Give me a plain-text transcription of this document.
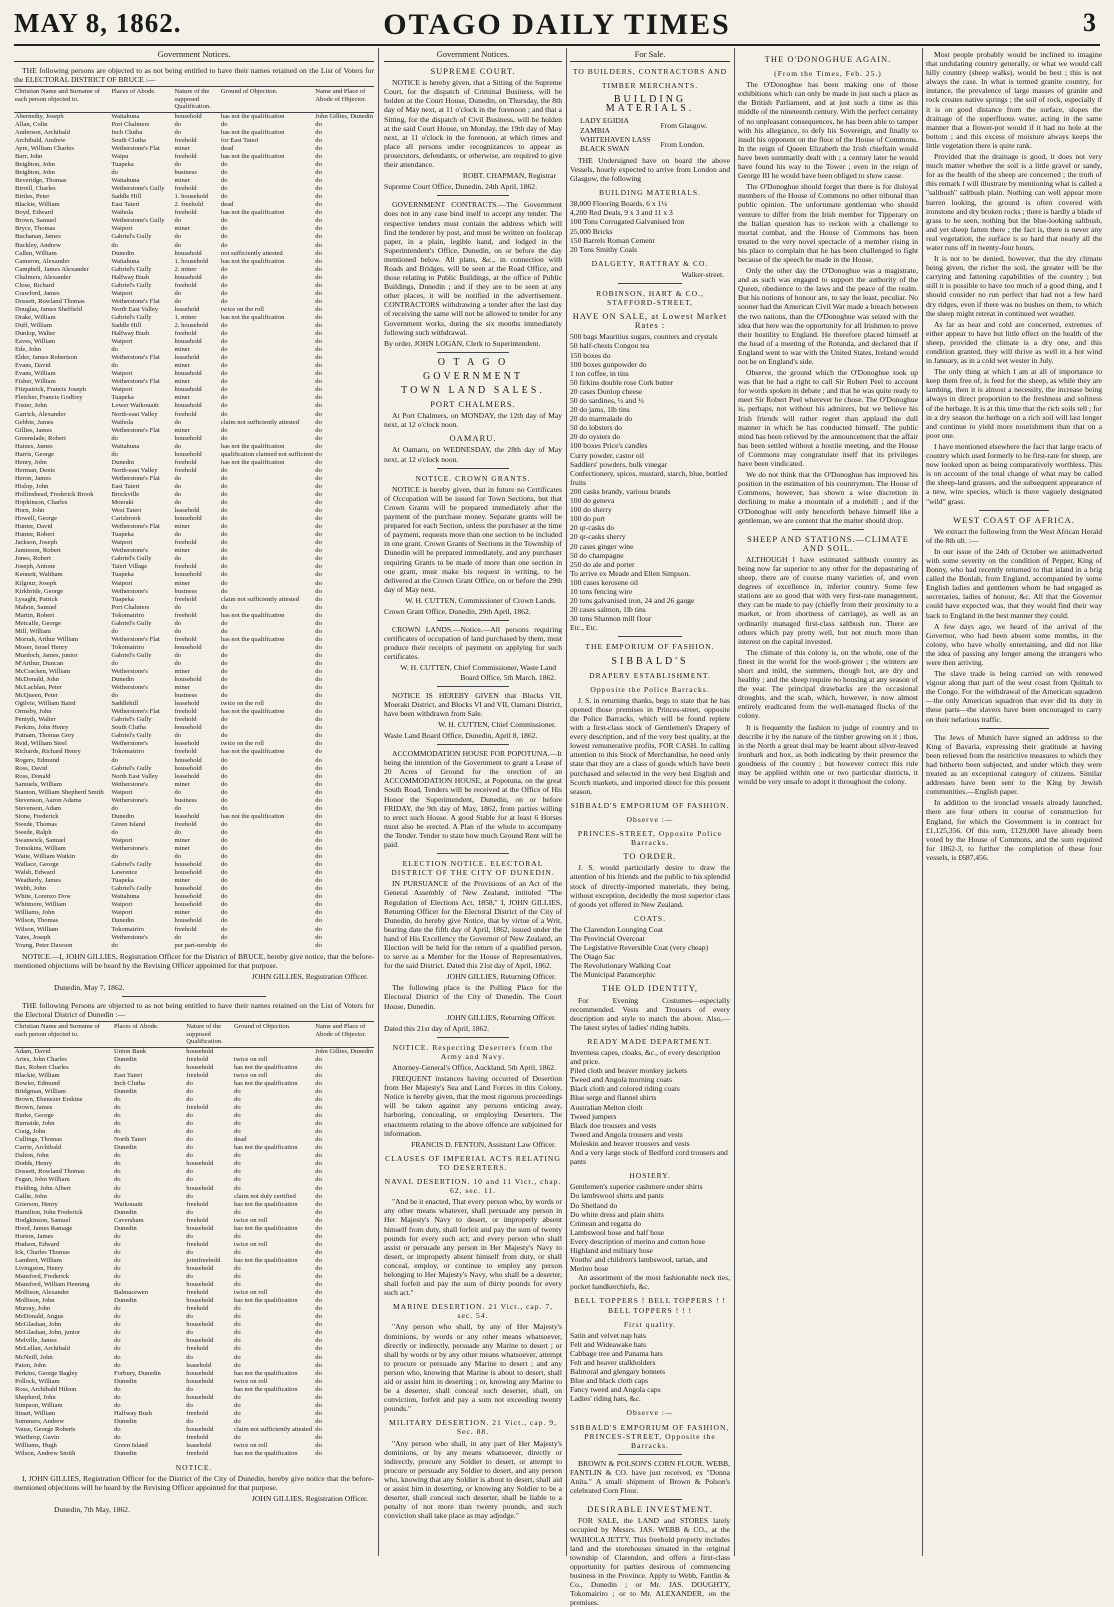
MAY 8, 1862.	OTAGO DAILY TIMES	3
Government Notices.

THE following persons are objected to as not being entitled to have their names retained on the List of Voters for the ELECTORAL DISTRICT OF BRUCE :—

Christian Name and Surname of each person objected to.	Places of Abode.	Nature of the supposed Qualification.	Ground of Objection.	Name and Place of Abode of Objector.
Abernethy, Joseph	Waitahuna	household	has not the qualification	John Gillies, Dunedin
Allan, Colin	Port Chalmers	do	do	do
Anderson, Archibald	Inch Clutha	do	has not the qualification	do
Archibald, Andrew	South Clutha	freehold	for East Taieri	do
Ayre, William Charles	Wetherstone's Flat	miner	dead	do
Barr, John	Waipu	freehold	has not the qualification	do
Beighton, John	Tuapeka	do	do	do
Beighton, John	do	business	do	do
Beveridge, Thomas	Waitahuna	miner	do	do
Birrell, Charles	Wetherstone's Gully	freehold	do	do
Birtles, Peter	Saddle Hill	1. household	do	do
Blackie, William	East Taieri	2. freehold	dead	do
Boyd, Edward	Waihola	freehold	has not the qualification	do
Brown, Samuel	Wetherstone's Gully	do	do	do
Bryce, Thomas	Waipori	miner	do	do
Buchanan, James	Gabriel's Gully	do	do	do
Buckley, Andrew	do	do	do	do
Callen, William	Dunedin	household	not sufficiently attested	do
Cameron, Alexander	Waitahuna	1. household	has not the qualification	do
Campbell, James Alexander	Gabriel's Gully	2. miner	do	do
Chalmers, Alexander	Halfway Bush	household	do	do
Close, Richard	Gabriel's Gully	freehold	do	do
Crawford, James	Waipori	do	do	do
Dossett, Rowland Thomas	Wetherstone's Flat	do	do	do
Douglas, James Sheffield	North East Valley	leasehold	twice on the roll	do
Drake, William	Gabriel's Gully	1. miner	has not the qualification	do
Duff, William	Saddle Hill	2. household	do	do
Dunlop, Walter	Halfway Bush	freehold	do	do
Eaves, William	Waipori	household	do	do
Ede, John	do	miner	do	do
Elder, James Robertson	Wetherstone's Flat	leasehold	do	do
Evans, David	do	miner	do	do
Evans, William	Waipori	household	do	do
Fisher, William	Wetherstone's Flat	miner	do	do
Fitzpatrick, Francis Joseph	Waipori	household	do	do
Fletcher, Francis Godfrey	Tuapeka	miner	do	do
Foster, John	Lower Waikouaiti	household	do	do
Garrick, Alexander	North-east Valley	freehold	do	do
Gebbie, James	Waihola	do	claim not sufficiently attested	do
Gillies, James	Wetherstone's Flat	miner	do	do
Greenslade, Robert	do	household	do	do
Haines, James	Waitahuna	do	has not the qualification	do
Harris, George	do	household	qualification claimed not sufficient	do
Henry, John	Dunedin	freehold	has not the qualification	do
Herman, Denis	North-east Valley	freehold	do	do
Heron, James	Wetherstone's Flat	do	do	do
Hislop, John	East Taieri	do	do	do
Hollinshead, Frederick Brook	Brockville	do	do	do
Hopkinson, Charles	Moeraki	do	do	do
Horn, John	West Taieri	leasehold	do	do
Howell, George	Carisbrook	household	do	do
Hunter, David	Wetherstone's Flat	miner	do	do
Hunter, Robert	Tuapeka	do	do	do
Jackson, Joseph	Waipori	freehold	do	do
Jamieson, Robert	Wetherstone's	miner	do	do
Jones, Robert	Gabriel's Gully	do	do	do
Joseph, Antone	Taieri Village	freehold	do	do
Kennett, Waltham	Tuapeka	household	do	do
Kilgour, Joseph	Waipori	miner	do	do
Kirkbride, George	Wetherstone's	business	do	do
Lysaght, Patrick	Tuapeka	freehold	claim not sufficiently attested	do
Mahon, Samuel	Port Chalmers	do	do	do
Martin, Robert	Tokomairiro	freehold	has not the qualification	do
Metcalfe, George	Gabriel's Gully	do	do	do
Mill, William	do	do	do	do
Morrah, Arthur William	Wetherstone's Flat	freehold	has not the qualification	do
Moser, Israel Henry	Tokomairiro	household	do	do
Murdoch, James, junior	Gabriel's Gully	do	do	do
M'Arthur, Duncan	do	do	do	do
McCracken, William	Wetherstone's	miner	do	do
McDonald, John	Dunedin	household	do	do
McLachlan, Peter	Wetherstone's	miner	do	do
McQueen, Peter	do	business	do	do
Ogilvie, William Baird	Saddlehill	leasehold	twice on the roll	do
Ormsby, John	Wetherstone's Flat	freehold	has not the qualification	do
Pentyth, Walter	Gabriel's Gully	freehold	do	do
Perkins, John Henry	South Clutha	household	do	do
Putnam, Thomas Grey	Gabriel's Gully	do	do	do
Reid, William Steel	Wetherstone's	leasehold	twice on the roll	do
Richards, Richard Henry	Tokomairiro	freehold	has not the qualification	do
Rogers, Edmund	do	household	do	do
Ross, David	Gabriel's Gully	household	do	do
Ross, Donald	North East Valley	leasehold	do	do
Samuels, William	Wetherstone's	miner	do	do
Stanton, William Shepherd Smith	Waipori	do	do	do
Stevenson, Aaron Adams	Wetherstone's	business	do	do
Stevenson, Adam	do	do	do	do
Stone, Frederick	Dunedin	leasehold	has not the qualification	do
Swede, Thomas	Green Island	freehold	do	do
Swede, Ralph	do	do	do	do
Swanwick, Samuel	Waipori	miner	do	do
Tomokins, William	Wetherstone's	miner	do	do
Waite, William Watkin	do	do	do	do
Wallace, George	Gabriel's Gully	household	do	do
Walsh, Edward	Lawrence	household	do	do
Weatherly, James	Tuapeka	miner	do	do
Webb, John	Gabriel's Gully	household	do	do
White, Lorenzo Dow	Waitahuna	household	do	do
Whitmore, William	Waipori	household	do	do
Williams, John	Waipori	miner	do	do
Wilson, Thomas	Dunedin	household	do	do
Wilson, William	Tokomairiro	freehold	do	do
Yates, Joseph	Wetherstone's	do	do	do
Young, Peter Dawson	do	per part-nership	do	do

NOTICE.—I, JOHN GILLIES, Registration Officer for the District of BRUCE, hereby give notice, that the before-mentioned objections will be heard by the Revising Officer appointed for that purpose.

JOHN GILLIES, Registration Officer.
Dunedin, May 7, 1862.

THE following Persons are objected to as not being entitled to have their names retained on the List of Voters for the Electoral District of Dunedin :—

Christian Name and Surname of each person objected to.	Places of Abode.	Nature of the supposed Qualification.	Ground of Objection.	Name and Place of Abode of Objector.
Adam, David	Union Bank	household		John Gillies, Dunedin
Aries, John Charles	Dunedin	freehold	twice on roll	do
Bax, Robert Charles	do	household	has not the qualification	do
Blackie, William	East Taieri	freehold	twice on roll	do
Bowler, Edmund	Inch Clutha	do	has not the qualification	do
Bridgman, William	Dunedin	do	do	do
Brown, Ebenezer Erskine	do	do	do	do
Brown, James	do	freehold	do	do
Burke, George	do	do	do	do
Burnside, John	do	do	do	do
Craig, John	do	do	do	do
Cullings, Thomas	North Taieri	do	dead	do
Currie, Archibald	Dunedin	do	has not the qualification	do
Dalton, John	do	do	do	do
Dodds, Henry	do	household	do	do
Dossett, Rowland Thomas	do	do	do	do
Fegan, John William	do	do	do	do
Fielding, John Albert	do	household	do	do
Gallie, John	do	do	claim not duly certified	do
Grierson, Henry	Waikouaiti	freehold	has not the qualification	do
Hamilton, John Frederick	Dunedin	do	do	do
Hodgkinson, Samuel	Caversham	freehold	twice on roll	do
Hood, James Ramage	Dunedin	household	has not the qualification	do
Horton, James	do	do	do	do
Hudson, Edward	do	freehold	twice on roll	do
Ick, Charles Thomas	do	do	do	do
Lambert, William	do	jointfreehold	has not the qualification	do
Livingston, Henry	do	household	do	do
Mansford, Frederick	do	do	do	do
Mansford, William Henning	do	household	do	do
Mollison, Alexander	Balmacewen	freehold	twice on roll	do
Mollison, John	Dunedin	household	has not the qualification	do
Murray, John	do	freehold	do	do
McDonald, Angus	do	do	do	do
McGlashan, John	do	household	do	do
McGlashan, John, junior	do	do	do	do
Melville, James	do	household	do	do
McLellan, Archibald	do	freehold	do	do
McNeill, John	do	do	do	do
Paton, John	do	leasehold	do	do
Perkins, George Bagley	Forbury, Dunedin	household	has not the qualification	do
Pollock, William	Dunedin	household	twice on roll	do
Ross, Archibald Hilson	do	do	has not the qualification	do
Shepherd, John	do	household	do	do
Simpson, William	do	do	do	do
Stuart, William	Halfway Bush	freehold	do	do
Summers, Andrew	Dunedin	do	do	do
Vause, George Roberts	do	household	claim not sufficiently attested	do
Warthrop, Gavin	do	freehold	do	do
Williams, Hugh	Green Island	leasehold	twice on roll	do
Wilson, Andrew Smith	Dunedin	freehold	has not the qualification	do
NOTICE.

I, JOHN GILLIES, Registration Officer for the District of the City of Dunedin, hereby give notice that the before-mentioned objections will be heard by the Revising Officer appointed for that purpose.

JOHN GILLIES, Registration Officer.
Dunedin, 7th May, 1862.
Government Notices.
SUPREME COURT.

NOTICE is hereby given, that a Sitting of the Supreme Court, for the dispatch of Criminal Business, will be holden at the Court House, Dunedin, on Thursday, the 8th day of May next, at 11 o'clock in the forenoon ; and that a Sitting, for the dispatch of Civil Business, will be holden at the said Court House, on Monday, the 19th day of May next, at 11 o'clock in the forenoon, at which times and place all persons under recognizances to appear as prosecutors, defendants, or otherwise, are required to give their attendance.

ROBT. CHAPMAN, Registrar
Supreme Court Office, Dunedin, 24th April, 1862.

GOVERNMENT CONTRACTS.—The Government does not in any case bind itself to accept any tender. The respective tenders must contain the address which will find the tenderer by post, and must be written on foolscap paper, in a plain, legible hand, and lodged in the Superintendent's Office, Dunedin, on or before the day mentioned below. All plans, &c., in connection with Roads and Bridges, will be seen at the Road Office, and those relating to Public Buildings, at the office of Public Buildings, Dunedin ; and if they are to be seen at any other places, it will be notified in the advertisement. CONTRACTORS withdrawing a tender after the last day of receiving the same will not be allowed to tender for any Government works, during the six months immediately following such withdrawal.

By order, JOHN LOGAN, Clerk to Superintendent.
O T A G O
GOVERNMENT
TOWN LAND SALES.
PORT CHALMERS.

At Port Chalmers, on MONDAY, the 12th day of May next, at 12 o'clock noon.

OAMARU.

At Oamaru, on WEDNESDAY, the 28th day of May next, at 12 o'clock noon.

NOTICE. CROWN GRANTS.

NOTICE is hereby given, that in future no Certificates of Occupation will be issued for Town Sections, but that Crown Grants will be prepared immediately after the payment of the purchase money. Separate grants will be prepared for each Section, unless the purchaser at the time of payment, requests more than one section to be included in one grant. Crown Grants of Sections in the Township of Dunedin will be prepared immediately, and any purchaser requiring Grants to be made of more than one section in one grant, must make his request in writing, to be delivered at the Crown Grant Office, on or before the 29th day of May next.

W. H. CUTTEN, Commissioner of Crown Lands.
Crown Grant Office, Dunedin, 29th April, 1862.

CROWN LANDS.—Notice.—All persons requiring certificates of occupation of land purchased by them, must produce their receipts of payment on applying for such certificates.

W. H. CUTTEN, Chief Commissioner, Waste Land Board Office, 5th March, 1862.

NOTICE IS HEREBY GIVEN that Blocks VII, Moeraki District, and Blocks VI and VII, Oamaru District, have been withdrawn from Sale.

W. H. CUTTEN, Chief Commissioner.
Waste Land Board Office, Dunedin, April 8, 1862.

ACCOMMODATION HOUSE FOR POPOTUNA.—It being the intention of the Government to grant a Lease of 20 Acres of Ground for the erection of an ACCOMMODATION HOUSE, at Popotuna, on the great South Road, Tenders will be received at the Office of His Honor the Superintendent, Dunedin, on or before FRIDAY, the 9th day of May, 1862, from parties willing to erect such House. A good Stable for at least 6 Horses must also be erected. A Plan of the whole to accompany the Tender. Tender to state how much Ground Rent will be paid.

ELECTION NOTICE. ELECTORAL DISTRICT OF THE CITY OF DUNEDIN.

IN PURSUANCE of the Provisions of an Act of the General Assembly of New Zealand, intituled "The Regulation of Elections Act, 1858," I, JOHN GILLIES, Returning Officer for the Electoral District of the City of Dunedin, do hereby give Notice, that by virtue of a Writ, bearing date the fifth day of April, 1862, issued under the hand of His Excellency the Governor of New Zealand, an Election will be held for the return of a qualified person, to serve as a Member for the House of Representatives, for the said District. Dated this 21st day of April, 1862.

JOHN GILLIES, Returning Officer.

The following place is the Polling Place for the Electoral District of the City of Dunedin. The Court House, Dunedin.

JOHN GILLIES, Returning Officer.
Dated this 21st day of April, 1862.
NOTICE. Respecting Deserters from the Army and Navy.
Attorney-General's Office, Auckland, 5th April, 1862.

FREQUENT instances having occurred of Desertion from Her Majesty's Sea and Land Forces in this Colony, Notice is hereby given, that the most rigorous proceedings will be taken against any persons enticing away, harboring, concealing, or employing Deserters. The enactments relating to the above offence are subjoined for information.

FRANCIS D. FENTON, Assistant Law Officer.
CLAUSES OF IMPERIAL ACTS RELATING TO DESERTERS.
NAVAL DESERTION. 10 and 11 Vict., chap. 62, sec. 11.

"And be it enacted, That every person who, by words or any other means whatever, shall persuade any person in Her Majesty's Navy to desert, or improperly absent himself from duty, shall forfeit and pay the sum of twenty pounds for every such act; and every person who shall assist or persuade any person in Her Majesty's Navy to desert, or improperly absent himself from duty, or shall conceal, employ, or continue to employ any person belonging to Her Majesty's Navy, who shall be a deserter, shall forfeit and pay the sum of thirty pounds for every such act."

MARINE DESERTION. 21 Vict., cap. 7, sec. 54.

"Any person who shall, by any of Her Majesty's dominions, by words or any other means whatsoever, directly or indirectly, persuade any Marine to desert ; or shall by words or by any other means whatsoever, attempt to procure or persuade any Marine to desert ; and any person who, knowing that Marine is about to desert, shall aid or assist him in deserting ; or, knowing any Marine to be a deserter, shall conceal such deserter, shall, on conviction, forfeit and pay a sum not exceeding twenty pounds."

MILITARY DESERTION. 21 Vict., cap. 9, Sec. 88.

"Any person who shall, in any part of Her Majesty's dominions, or by any means whatsoever, directly or indirectly, procure any Soldier to desert, or attempt to procure or persuade any Soldier to desert, and any person who, knowing that any Soldier is about to desert, shall aid or assist him in deserting, or knowing any Soldier to be a deserter, shall conceal such deserter, shall be liable to a penalty of not more than twenty pounds, and such conviction shall take place as may adjudge."

For Sale.
TO BUILDERS, CONTRACTORS AND
TIMBER MERCHANTS.
BUILDING MATERIALS.
LADY EGIDIA
ZAMBIA
WHITEHAVEN LASS
BLACK SWAN
From Glasgow.
From London.

THE Undersigned have on board the above Vessels, hourly expected to arrive from London and Glasgow, the following

BUILDING MATERIALS.
38,000 Flooring Boards, 6 x 1¼
4,200 Red Deals, 9 x 3 and 11 x 3
100 Tons Corrugated Galvanised Iron
25,000 Bricks
150 Barrels Roman Cement
20 Tons Smithy Coals
DALGETY, RATTRAY & CO.
Walker-street.
ROBINSON, HART & CO., STAFFORD-STREET,
HAVE ON SALE, at Lowest Market Rates :
500 bags Mauritius sugars, counters and crystals
50 half-chests Congou tea
150 boxes do
100 boxes gunpowder do
1 ton coffee, in tins
50 firkins double rose Cork butter
20 cases Dunlop cheese
50 do sardines, ¼ and ½
20 do jams, 1lb tins
20 do marmalade do
50 do lobsters do
20 do oysters do
100 boxes Price's candles
Curry powder, castor oil
Saddlers' powders, bulk vinegar
Confectionery, spices, mustard, starch, blue, bottled fruits
200 casks brandy, various brands
100 do geneva
100 do sherry
100 do port
20 qr-casks do
20 qr-casks sherry
20 cases ginger wine
50 do champagne
250 do ale and porter
To arrive ex Meade and Ellen Simpson.
100 cases kerosene oil
10 tons fencing wire
20 tons galvanised iron, 24 and 26 gauge
20 cases salmon, 1lb tins
30 tons Shannon mill flour
Etc., Etc.
THE EMPORIUM OF FASHION.
SIBBALD'S
DRAPERY ESTABLISHMENT.
Opposite the Police Barracks.

J. S. in returning thanks, begs to state that he has opened those premises in Princes-street, opposite the Police Barracks, which will be found replete with a first-class stock of Gentlemen's Drapery of every description, and of the very best quality, at the lowest remunerative profits, FOR CASH. In calling attention to this Stock of Merchandise, he need only state that they are a class of goods which have been purchased and selected in the very best English and Scotch markets, and imported direct for this present season.

SIBBALD'S EMPORIUM OF FASHION.
Observe :—
PRINCES-STREET, Opposite Police Barracks.
TO ORDER.

J. S. would particularly desire to draw the attention of his friends and the public to his splendid stock of directly-imported materials, they being, without exception, decidedly the most superior class of goods yet offered in New Zealand.

COATS.
The Clarendon Lounging Coat
The Provincial Overcoat
The Legislative Reversible Coat (very cheap)
The Otago Sac
The Revolutionary Walking Coat
The Municipal Paramorphic
THE OLD IDENTITY,

For Evening Costumes—especially recommended. Vests and Trousers of every description and style to match the above. Also,— The latest styles of ladies' riding habits.

READY MADE DEPARTMENT.
Inverness capes, cloaks, &c., of every description and price.
Piled cloth and beaver monkey jackets
Tweed and Angola morning coats
Black cloth and colored riding coats
Blue serge and flannel shirts
Australian Melton cloth
Tweed jumpers
Black doe trousers and vests
Tweed and Angola trousers and vests
Moleskin and beaver trousers and vests
And a very large stock of Bedford cord trousers and pants
HOSIERY.
Gentlemen's superior cashmere under shirts
Do lambswool shirts and pants
Do Shetland do
Do white dress and plain shirts
Crimean and regatta do
Lambswool hose and half hose
Every description of merino and cotton hose
Highland and military hose
Youths' and children's lambswool, tartan, and Merino hose

An assortment of the most fashionable neck ties, pocket handkerchiefs, &c.

BELL TOPPERS ! BELL TOPPERS ! ! BELL TOPPERS ! ! !
First quality.
Satin and velvet nap hats
Felt and Wideawake hats
Cabbage tree and Panama hats
Felt and beaver stalkholders
Balmoral and glengary bonnets
Blue and black cloth caps
Fancy tweed and Angola caps
Ladies' riding hats, &c.
Observe :—
SIBBALD'S EMPORIUM OF FASHION, PRINCES-STREET, Opposite the Barracks.

BROWN & POLSON'S CORN FLOUR. WEBB, FANTLIN & CO. have just received, ex "Donna Anita." A small shipment of Brown & Polson's celebrated Corn Flour.

DESIRABLE INVESTMENT.

FOR SALE, the LAND and STORES lately occupied by Messrs. JAS. WEBB & CO., at the WAIHOLA JETTY. This freehold property includes land and the storehouses situated in the original township of Clarendon, and offers a first-class opportunity for parties desirous of commencing business in the Province. Apply to Webb, Fantlin & Co., Dunedin ; or Mr. JAS. DOUGHTY, Tokomairiro ; or to Mr. ALEXANDER, on the premises.

THE O'DONOGHUE AGAIN.
(From the Times, Feb. 25.)

The O'Donoghue has been making one of those exhibitions which can only be made in just such a place as the British Parliament, and at just such a time as this middle of the nineteenth century. With the perfect certainty of no unpleasant consequences, he has been able to tamper with his allegiance, to defy his Sovereign, and finally to insult his opponent on the floor of the House of Commons. In the reign of Queen Elizabeth the Irish chieftain would have been summarily dealt with ; a century later he would have found his way to the Tower ; even in the reign of George III he would have been obliged to show cause.

The O'Donoghue should forget that there is for disloyal members of the House of Commons no other tribunal than public opinion. The unfortunate gentleman who should venture to differ from the Irish member for Tipperary on the Italian question has to reckon with a challenge to mortal combat, and the House of Commons has been treated to the very novel spectacle of a member rising in his place to complain that he has been challenged to fight because of the speech he made in the House.

Only the other day the O'Donoghue was a magistrate, and as such was engaged to support the authority of the Queen, obedience to the laws and the peace of the realm. But his notions of honour are, to say the least, peculiar. No sooner had the American Civil War made a breach between the two nations, than the O'Donoghue was seized with the idea that here was the opportunity for all Irishmen to prove their hostility to England. He therefore placed himself at the head of a meeting of the Rotunda, and declared that if England went to war with the United States, Ireland would not be on England's side.

Observe, the ground which the O'Donoghue took up was that he had a right to call Sir Robert Peel to account for words spoken in debate ; and that he was quite ready to meet Sir Robert Peel wherever he chose. The O'Donoghue is, perhaps, not without his admirers, but we believe his Irish friends will rather regret than applaud the dull manner in which he has conducted himself. The public mind has been relieved by the announcement that the affair has been settled without a hostile meeting, and the House of Commons may congratulate itself that its privileges have been vindicated.

We do not think that the O'Donoghue has improved his position in the estimation of his countrymen. The House of Commons, however, has shown a wise discretion in declining to make a mountain of a molehill ; and if the O'Donoghue will only henceforth behave himself like a gentleman, we are content that the matter should drop.

SHEEP AND STATIONS.—CLIMATE AND SOIL.

ALTHOUGH I have estimated saltbush country as being now far superior to any other for the depasturing of sheep, there are of course many varieties of, and even degrees of excellence in, inferior country. Some few stations are so good that with very first-rate management, they can be made to pay (chiefly from their proximity to a market, or from shortness of carriage), as well as an ordinarily managed first-class saltbush run. There are others which pay pretty well, but not much more than interest on the capital invested.

The climate of this colony is, on the whole, one of the finest in the world for the wool-grower ; the winters are short and mild, the summers, though hot, are dry and healthy ; and the sheep require no housing at any season of the year. The principal drawbacks are the occasional droughts, and the scab, which, however, is now almost entirely eradicated from the well-managed flocks of the colony.

It is frequently the fashion to judge of country and to describe it by the nature of the timber growing on it ; thus, in the North a great deal may be learnt about silver-leaved ironbark and box, as both indicating by their presence the goodness of the country ; but however correct this rule may be applied within one or two particular districts, it would be very unsafe to adopt it throughout the colony.

Most people probably would be inclined to imagine that undulating country generally, or what we would call hilly country (sheep walks), would be best ; this is not always the case. In what is termed granite country, for instance, the prevalence of large masses of granite and rock creates native springs ; the soil of rock, especially if it is on good distance from the surface, slopes the drainage of the superfluous water, acting in the same manner that a flower-pot would if it had no hole at the bottom ; and this excess of moisture always keeps the little vegetation there is quite rank.

Provided that the drainage is good, it does not very much matter whether the soil is a little gravel or sandy, for as the health of the sheep are concerned ; the truth of this remark I will illustrate by mentioning what is called a "saltbush" saltbush plain. Nothing can well appear more barren looking, the ground is often covered with ironstone and dry broken rocks ; there is hardly a blade of grass to be seen, nothing but the blue-looking saltbush, and yet sheep fatten there ; the fact is, there is never any real vegetation, the surface is so hard that nearly all the water runs off in twenty-four hours.

It is not to be denied, however, that the dry climate being given, the richer the soil, the greater will be the carrying and fattening capabilities of the country ; but still it is possible to have too much of a good thing, and I should consider no run perfect that had not a few hard dry ridges, even if there was no bushes on them, to which the sheep might retreat in continued wet weather.

As far as heat and cold are concerned, extremes of either appear to have but little effect on the health of the sheep, provided the climate is a dry one, and this condition granted, they will thrive as well in a hot wind in January, as in a cold wet wester in July.

The only thing at which I am at all of importance to keep them free of, is feed for the sheep, as while they are lambing, then it is almost a necessity, the increase being always in direct proportion to the freshness and softness of the herbage. It is at this time that the rich soils tell ; for in a dry season the herbage on a rich soil will last longer and continue to yield more nourishment than that on a poor one.

I have mentioned elsewhere the fact that large tracts of country which used formerly to be first-rate for sheep, are now looked upon as being comparatively worthless. This is on account of the total change of what may be called the sheep-land grasses, and the subsequent appearance of a new, wire species, which is there vaguely designated "wild" grass.

WEST COAST OF AFRICA.

We extract the following from the West African Herald of the 8th ult. :—

In our issue of the 24th of October we animadverted with some severity on the condition of Pepper, King of Bonny, who had recently returned to that island in a brig called the Bonlah, from England, accompanied by some English ladies and gentlemen whom he had engaged as secretaries, ladies of honour, &c. All that the Governor could have expected was, that they would find their way back to England in the best manner they could.

A few days ago, we heard of the arrival of the Governor, who had been absent some months, in the colony, who have wholly entertaining, and did not like the idea of passing any longer among the strangers who were then arriving.

The slave trade is being carried on with renewed vigour along that part of the west coast from Quittah to the Congo. For the withdrawal of the American squadron—the only American squadron that ever did its duty in these parts—the slavers have been encouraged to carry on their nefarious traffic.

The Jews of Munich have signed an address to the King of Bavaria, expressing their gratitude at having been relieved from the restrictive measures to which they had hitherto been subjected, and under which they were treated as an exceptional category of citizens. Similar addresses have been sent to the King by Jewish communities.—English paper.

In addition to the ironclad vessels already launched, there are four others in course of construction for England, for which the Government is in contract for £1,125,356. Of this sum, £129,000 have already been voted by the House of Commons, and the sum required for 1862-3, to further the completion of these four vessels, is £687,456.
